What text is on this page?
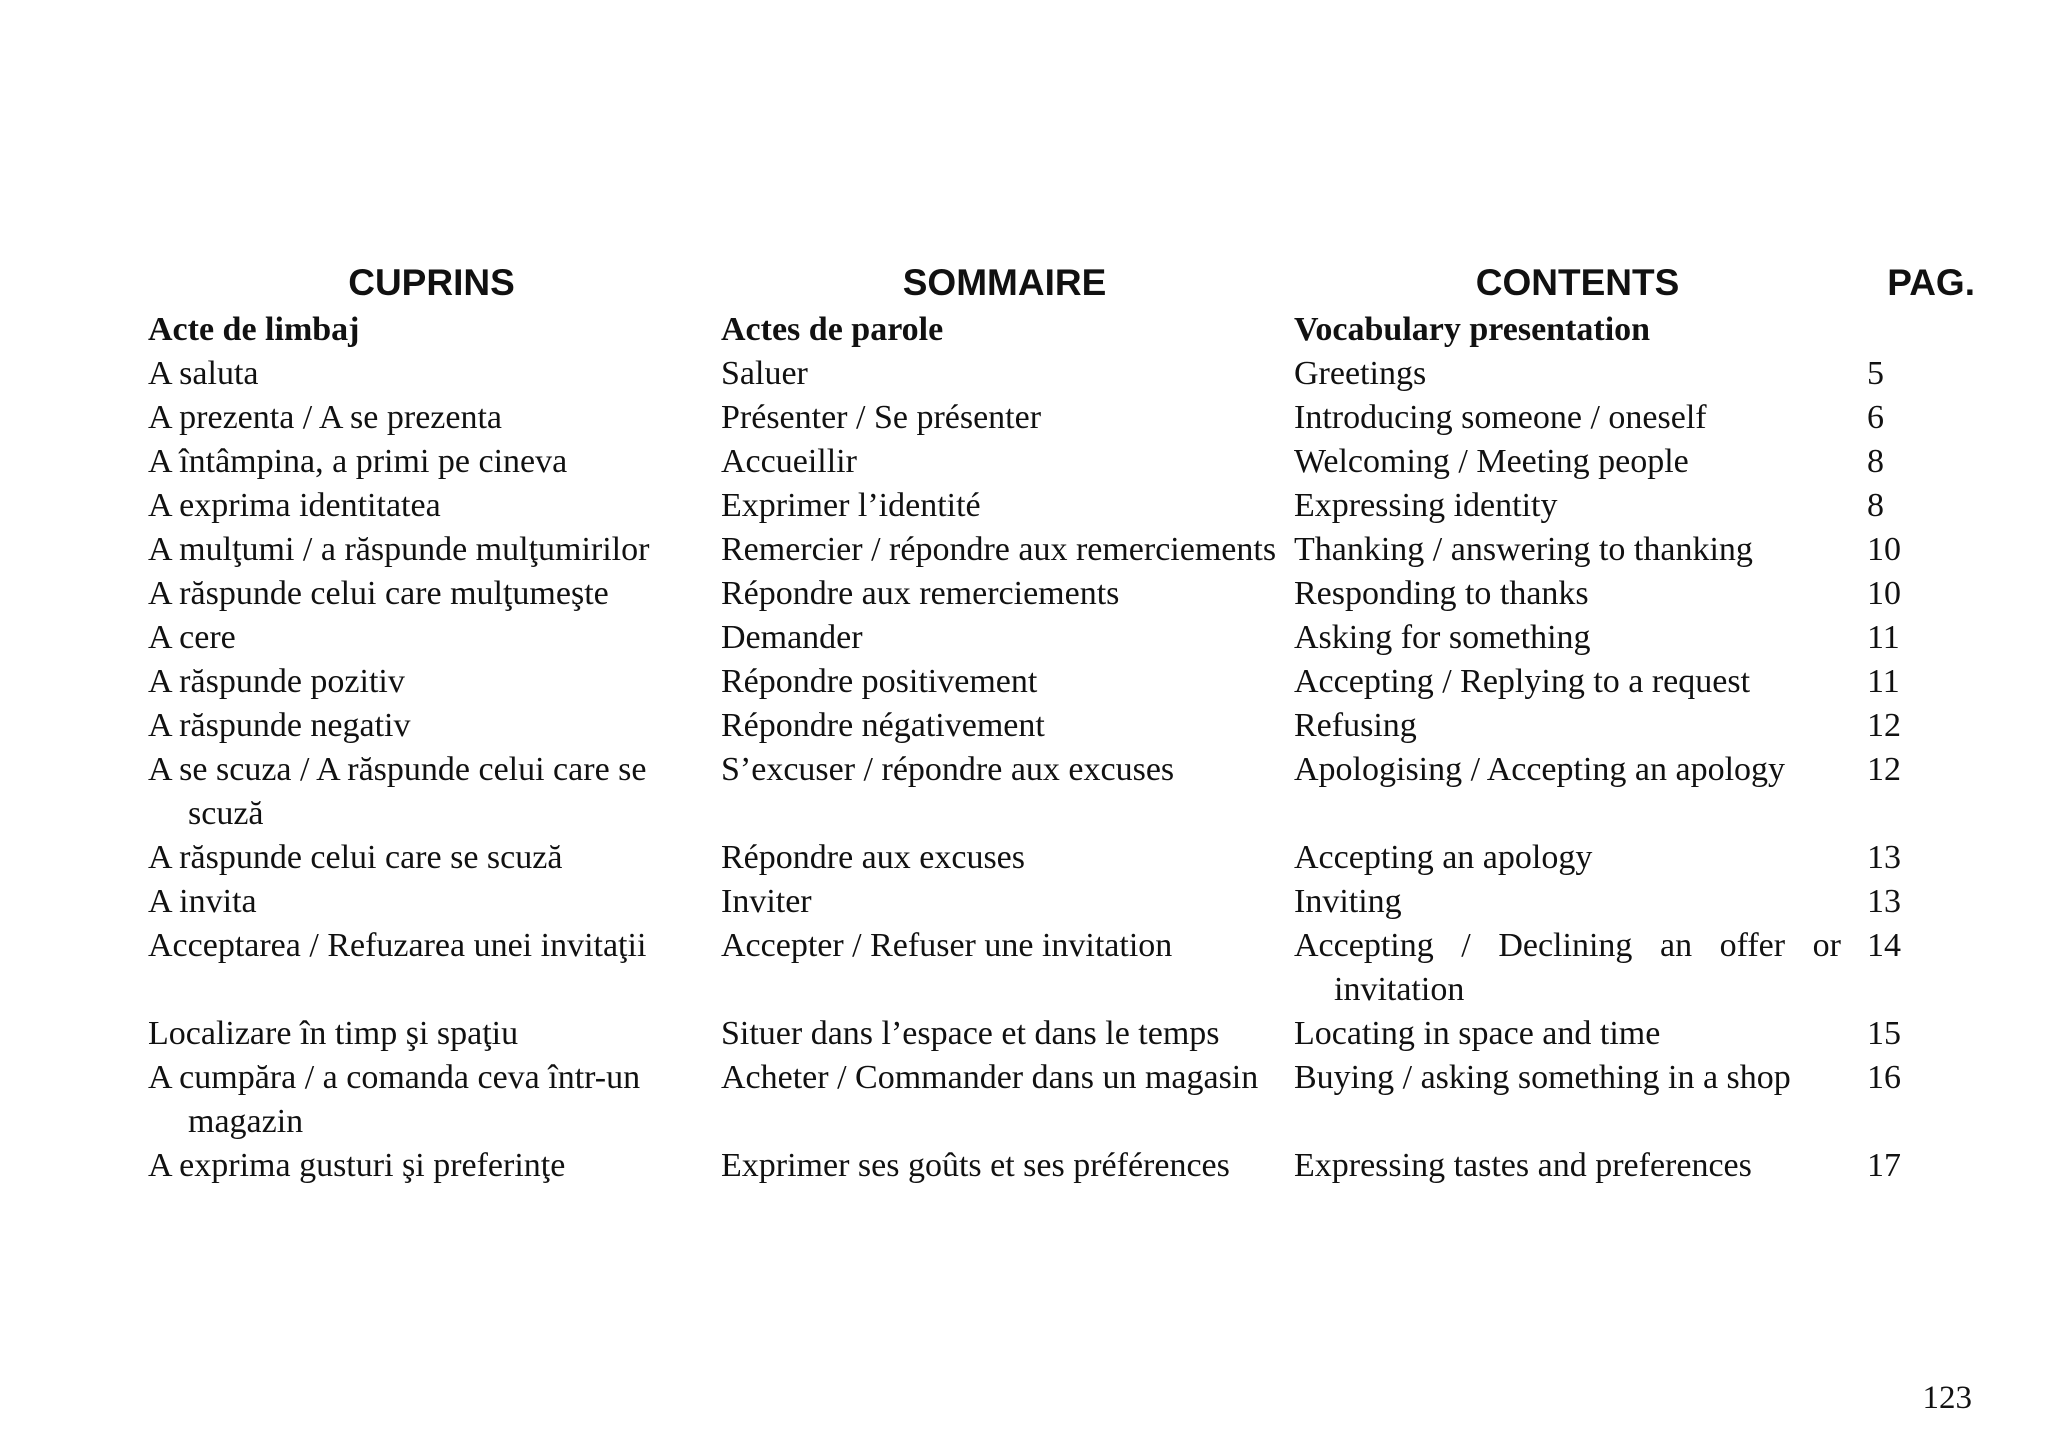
CUPRINS	SOMMAIRE	CONTENTS	PAG.

Acte de limbaj	Actes de parole	Vocabulary presentation	

A saluta	Saluer	Greetings	5

A prezenta / A se prezenta	Présenter / Se présenter	Introducing someone / oneself	6

A întâmpina, a primi pe cineva	Accueillir	Welcoming / Meeting people	8

A exprima identitatea	Exprimer l’identité	Expressing identity	8

A mulţumi / a răspunde mulţumirilor	Remercier / répondre aux remerciements	Thanking / answering to thanking	10

A răspunde celui care mulţumeşte	Répondre aux remerciements	Responding to thanks	10

A cere	Demander	Asking for something	11

A răspunde pozitiv	Répondre positivement	Accepting / Replying to a request	11

A răspunde negativ	Répondre négativement	Refusing	12

A se scuza / A răspunde celui care se scuză	S’excuser / répondre aux excuses	Apologising / Accepting an apology	12

A răspunde celui care se scuză	Répondre aux excuses	Accepting an apology	13

A invita	Inviter	Inviting	13

Acceptarea / Refuzarea unei invitaţii	Accepter / Refuser une invitation	Accepting / Declining an offer or invitation	14

Localizare în timp şi spaţiu	Situer dans l’espace et dans le temps	Locating in space and time	15

A cumpăra / a comanda ceva într-un magazin	Acheter / Commander dans un magasin	Buying / asking something in a shop	16

A exprima gusturi şi preferinţe	Exprimer ses goûts et ses préférences	Expressing tastes and preferences	17
123
